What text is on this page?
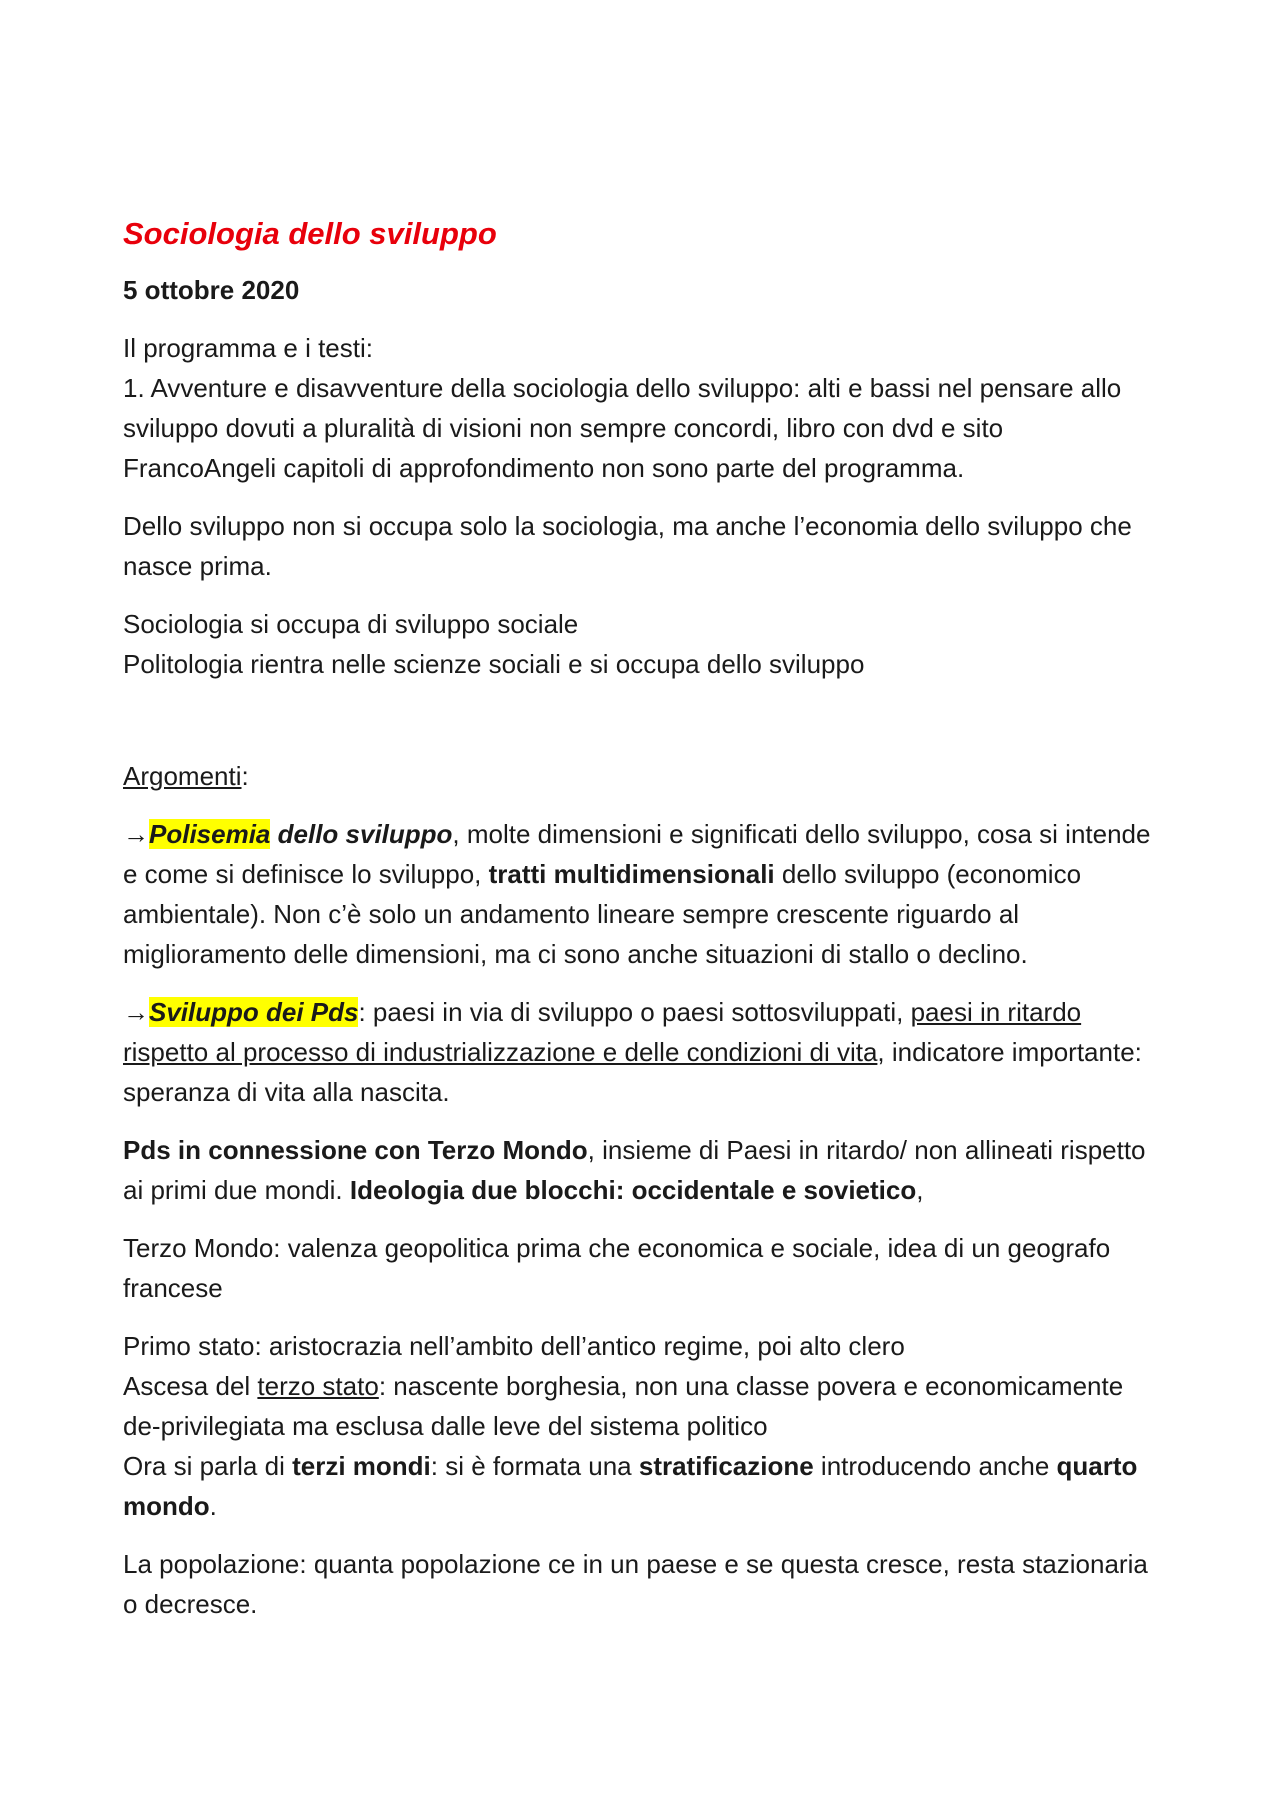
Sociologia dello sviluppo
5 ottobre 2020

Il programma e i testi:
1. Avventure e disavventure della sociologia dello sviluppo: alti e bassi nel pensare allo sviluppo dovuti a pluralità di visioni non sempre concordi, libro con dvd e sito FrancoAngeli capitoli di approfondimento non sono parte del programma.

Dello sviluppo non si occupa solo la sociologia, ma anche l’economia dello sviluppo che nasce prima.

Sociologia si occupa di sviluppo sociale
Politologia rientra nelle scienze sociali e si occupa dello sviluppo

Argomenti:

→Polisemia dello sviluppo, molte dimensioni e significati dello sviluppo, cosa si intende e come si definisce lo sviluppo, tratti multidimensionali dello sviluppo (economico ambientale). Non c’è solo un andamento lineare sempre crescente riguardo al miglioramento delle dimensioni, ma ci sono anche situazioni di stallo o declino.

→Sviluppo dei Pds: paesi in via di sviluppo o paesi sottosviluppati, paesi in ritardo rispetto al processo di industrializzazione e delle condizioni di vita, indicatore importante: speranza di vita alla nascita.

Pds in connessione con Terzo Mondo, insieme di Paesi in ritardo/ non allineati rispetto ai primi due mondi. Ideologia due blocchi: occidentale e sovietico,

Terzo Mondo: valenza geopolitica prima che economica e sociale, idea di un geografo francese

Primo stato: aristocrazia nell’ambito dell’antico regime, poi alto clero
Ascesa del terzo stato: nascente borghesia, non una classe povera e economicamente de-privilegiata ma esclusa dalle leve del sistema politico
Ora si parla di terzi mondi: si è formata una stratificazione introducendo anche quarto mondo.

La popolazione: quanta popolazione ce in un paese e se questa cresce, resta stazionaria o decresce.
